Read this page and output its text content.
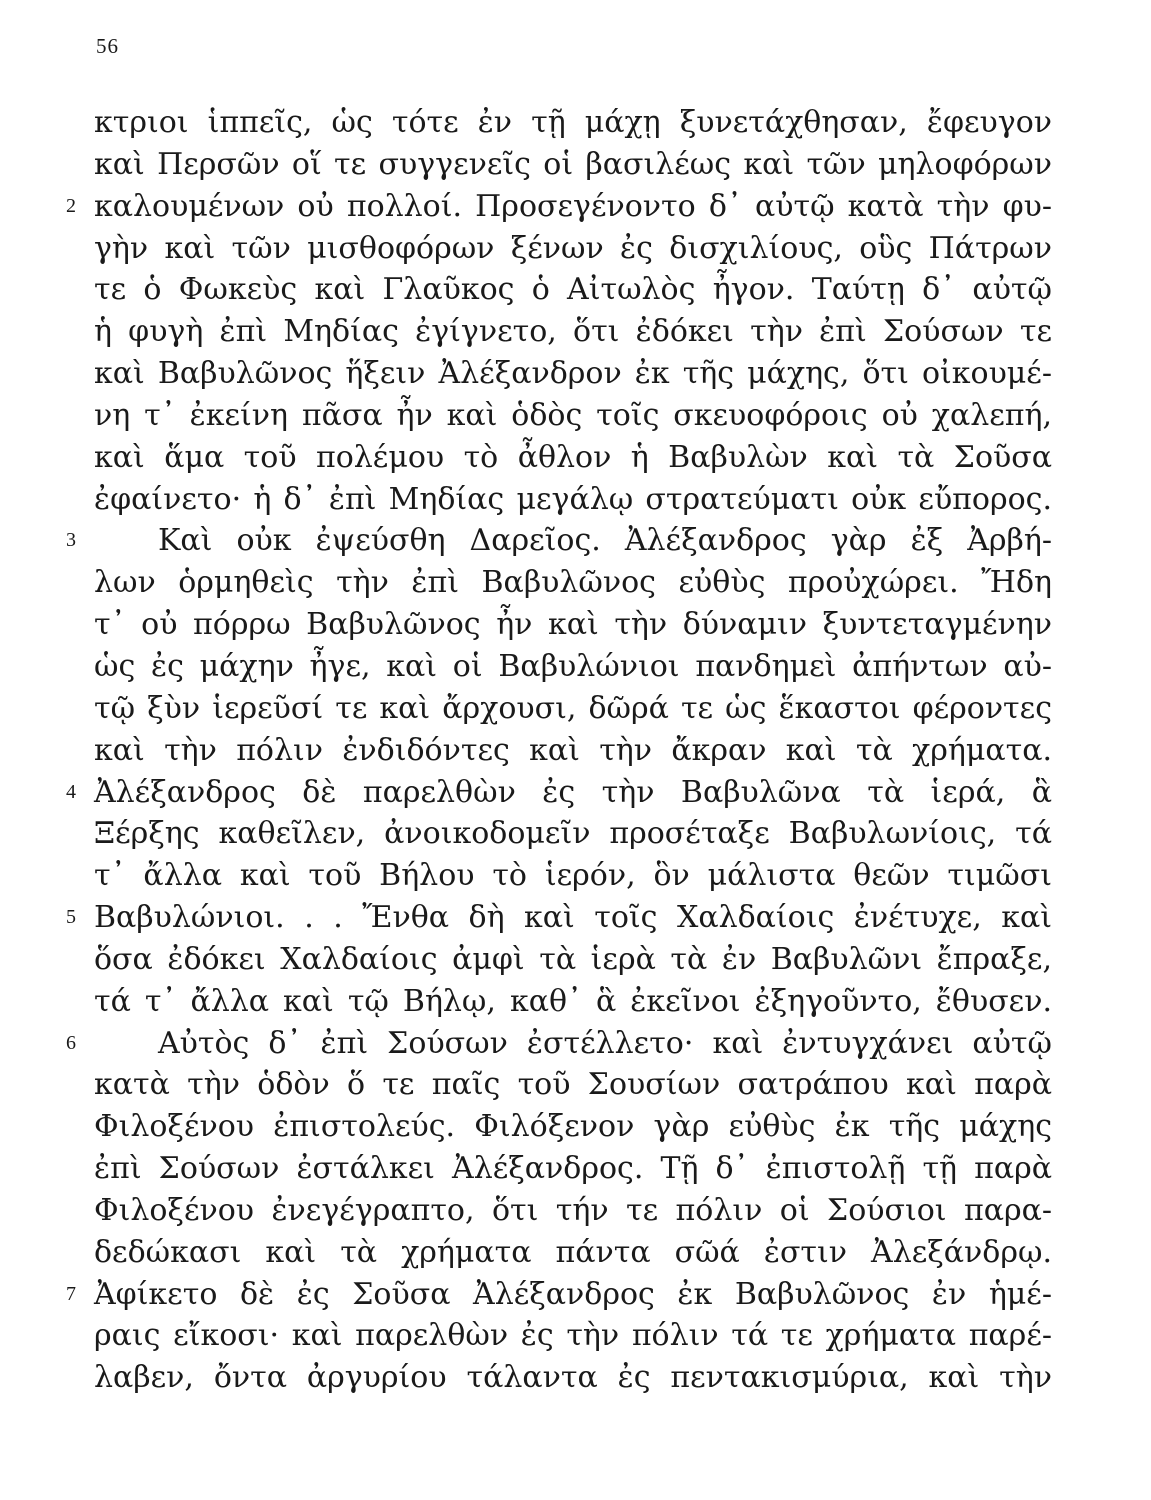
56
κτριοι ἱππεῖς, ὡς τότε ἐν τῇ μάχῃ ξυνετάχθησαν, ἔφευγον
καὶ Περσῶν οἵ τε συγγενεῖς οἱ βασιλέως καὶ τῶν μηλοφόρων
2 καλουμένων οὐ πολλοί. Προσεγένοντο δ᾽ αὐτῷ κατὰ τὴν φυ-
γὴν καὶ τῶν μισθοφόρων ξένων ἐς δισχιλίους, οὓς Πάτρων
τε ὁ Φωκεὺς καὶ Γλαῦκος ὁ Αἰτωλὸς ἦγον. Ταύτῃ δ᾽ αὐτῷ
ἡ φυγὴ ἐπὶ Μηδίας ἐγίγνετο, ὅτι ἐδόκει τὴν ἐπὶ Σούσων τε
καὶ Βαβυλῶνος ἥξειν Ἀλέξανδρον ἐκ τῆς μάχης, ὅτι οἰκουμέ-
νη τ᾽ ἐκείνη πᾶσα ἦν καὶ ὁδὸς τοῖς σκευοφόροις οὐ χαλεπή,
καὶ ἅμα τοῦ πολέμου τὸ ἆθλον ἡ Βαβυλὼν καὶ τὰ Σοῦσα
ἐφαίνετο· ἡ δ᾽ ἐπὶ Μηδίας μεγάλῳ στρατεύματι οὐκ εὔπορος.
3	Καὶ οὐκ ἐψεύσθη Δαρεῖος. Ἀλέξανδρος γὰρ ἐξ Ἀρβή-
λων ὁρμηθεὶς τὴν ἐπὶ Βαβυλῶνος εὐθὺς προὐχώρει. Ἤδη
τ᾽ οὐ πόρρω Βαβυλῶνος ἦν καὶ τὴν δύναμιν ξυντεταγμένην
ὡς ἐς μάχην ἦγε, καὶ οἱ Βαβυλώνιοι πανδημεὶ ἀπήντων αὐ-
τῷ ξὺν ἱερεῦσί τε καὶ ἄρχουσι, δῶρά τε ὡς ἕκαστοι φέροντες
καὶ τὴν πόλιν ἐνδιδόντες καὶ τὴν ἄκραν καὶ τὰ χρήματα.
4 Ἀλέξανδρος δὲ παρελθὼν ἐς τὴν Βαβυλῶνα τὰ ἱερά, ἃ
Ξέρξης καθεῖλεν, ἀνοικοδομεῖν προσέταξε Βαβυλωνίοις, τά
τ᾽ ἄλλα καὶ τοῦ Βήλου τὸ ἱερόν, ὃν μάλιστα θεῶν τιμῶσι
5 Βαβυλώνιοι. . . Ἔνθα δὴ καὶ τοῖς Χαλδαίοις ἐνέτυχε, καὶ
ὅσα ἐδόκει Χαλδαίοις ἀμφὶ τὰ ἱερὰ τὰ ἐν Βαβυλῶνι ἔπραξε,
τά τ᾽ ἄλλα καὶ τῷ Βήλῳ, καθ᾽ ἃ ἐκεῖνοι ἐξηγοῦντο, ἔθυσεν.
6	Αὐτὸς δ᾽ ἐπὶ Σούσων ἐστέλλετο· καὶ ἐντυγχάνει αὐτῷ
κατὰ τὴν ὁδὸν ὅ τε παῖς τοῦ Σουσίων σατράπου καὶ παρὰ
Φιλοξένου ἐπιστολεύς. Φιλόξενον γὰρ εὐθὺς ἐκ τῆς μάχης
ἐπὶ Σούσων ἐστάλκει Ἀλέξανδρος. Τῇ δ᾽ ἐπιστολῇ τῇ παρὰ
Φιλοξένου ἐνεγέγραπτο, ὅτι τήν τε πόλιν οἱ Σούσιοι παρα-
δεδώκασι καὶ τὰ χρήματα πάντα σῶά ἐστιν Ἀλεξάνδρῳ.
7 Ἀφίκετο δὲ ἐς Σοῦσα Ἀλέξανδρος ἐκ Βαβυλῶνος ἐν ἡμέ-
ραις εἴκοσι· καὶ παρελθὼν ἐς τὴν πόλιν τά τε χρήματα παρέ-
λαβεν, ὄντα ἀργυρίου τάλαντα ἐς πεντακισμύρια, καὶ τὴν
